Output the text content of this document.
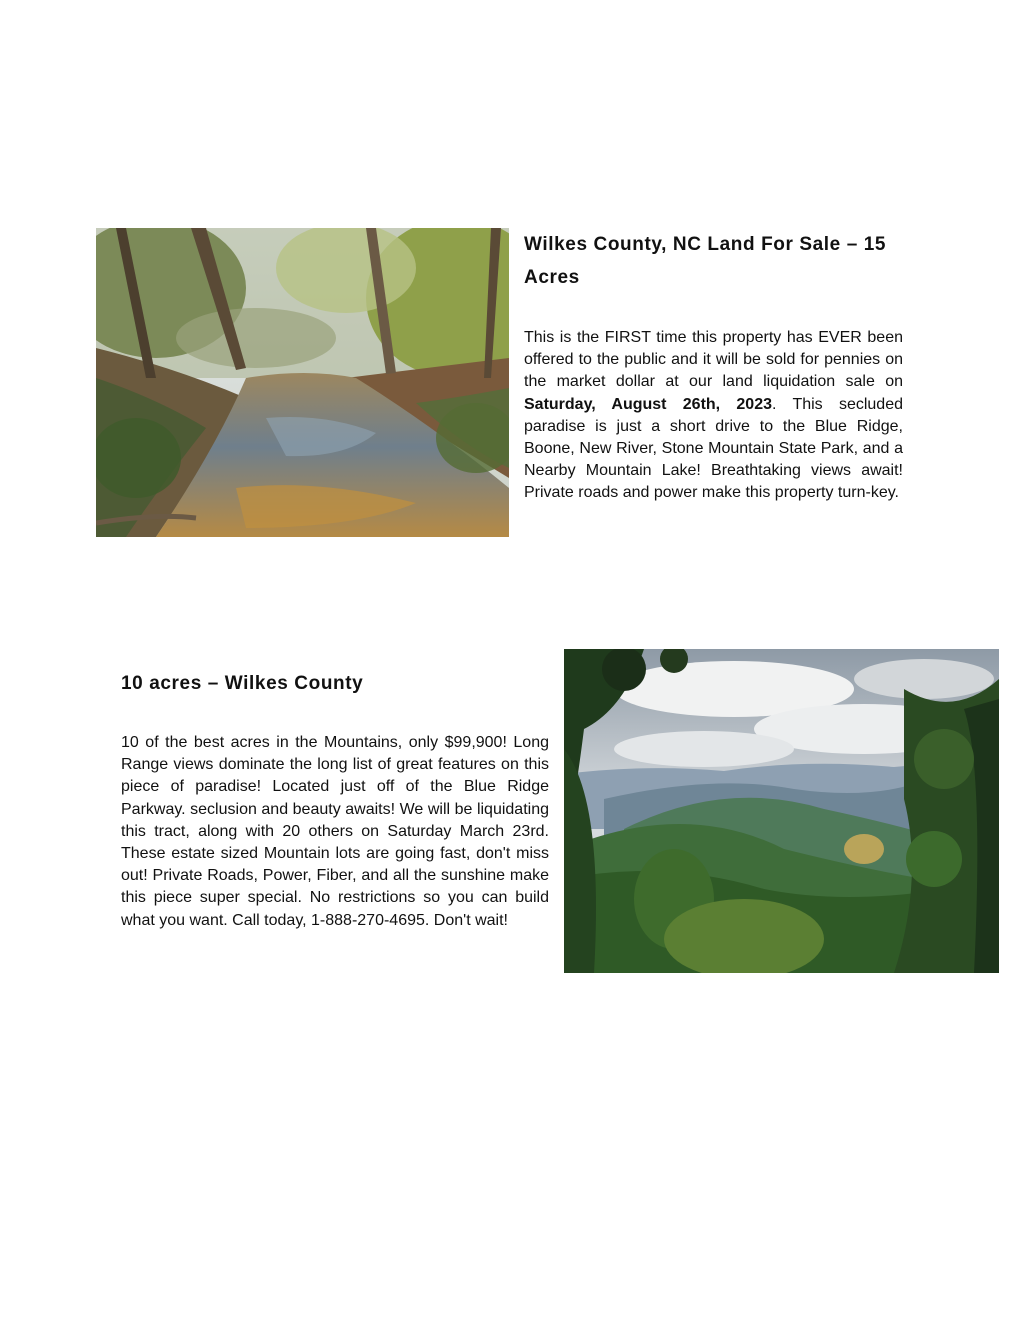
Wilkes County, NC Land For Sale – 15 Acres

This is the FIRST time this property has EVER been offered to the public and it will be sold for pennies on the market dollar at our land liquidation sale on Saturday, August 26th, 2023. This secluded paradise is just a short drive to the Blue Ridge, Boone, New River, Stone Mountain State Park, and a Nearby Mountain Lake! Breathtaking views await! Private roads and power make this property turn-key.

10 acres – Wilkes County

10 of the best acres in the Mountains, only $99,900! Long Range views dominate the long list of great features on this piece of paradise! Located just off of the Blue Ridge Parkway. seclusion and beauty awaits! We will be liquidating this tract, along with 20 others on Saturday March 23rd. These estate sized Mountain lots are going fast, don't miss out! Private Roads, Power, Fiber, and all the sunshine make this piece super special. No restrictions so you can build what you want. Call today, 1-888-270-4695. Don't wait!
